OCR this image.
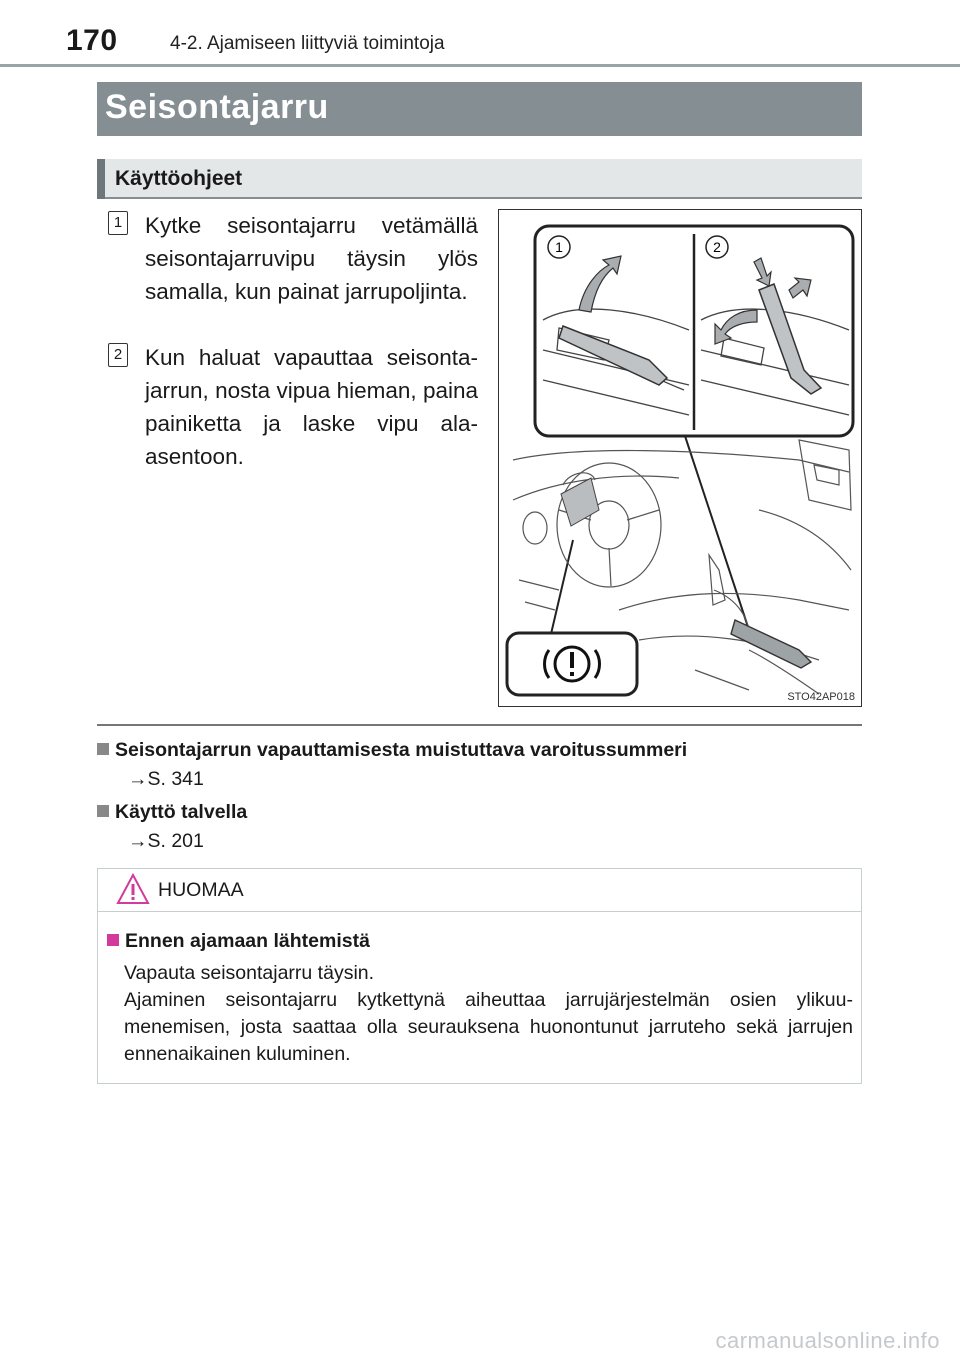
170	4-2. Ajamiseen liittyviä toimintoja
Seisontajarru
Käyttöohjeet
1 Kytke seisontajarru vetämällä seisontajarruvipu täysin ylös samalla, kun painat jarrupoljinta.
2 Kun haluat vapauttaa seisontajarrun, nosta vipua hieman, paina painiketta ja laske vipu ala-asentoon.
1	2
STO42AP018
Seisontajarrun vapauttamisesta muistuttava varoitussummeri
→S. 341
Käyttö talvella
→S. 201
HUOMAA
Ennen ajamaan lähtemistä
Vapauta seisontajarru täysin.
Ajaminen seisontajarru kytkettynä aiheuttaa jarrujärjestelmän osien ylikuumenemisen, josta saattaa olla seurauksena huonontunut jarruteho sekä jarrujen ennenaikainen kuluminen.
carmanualsonline.info
